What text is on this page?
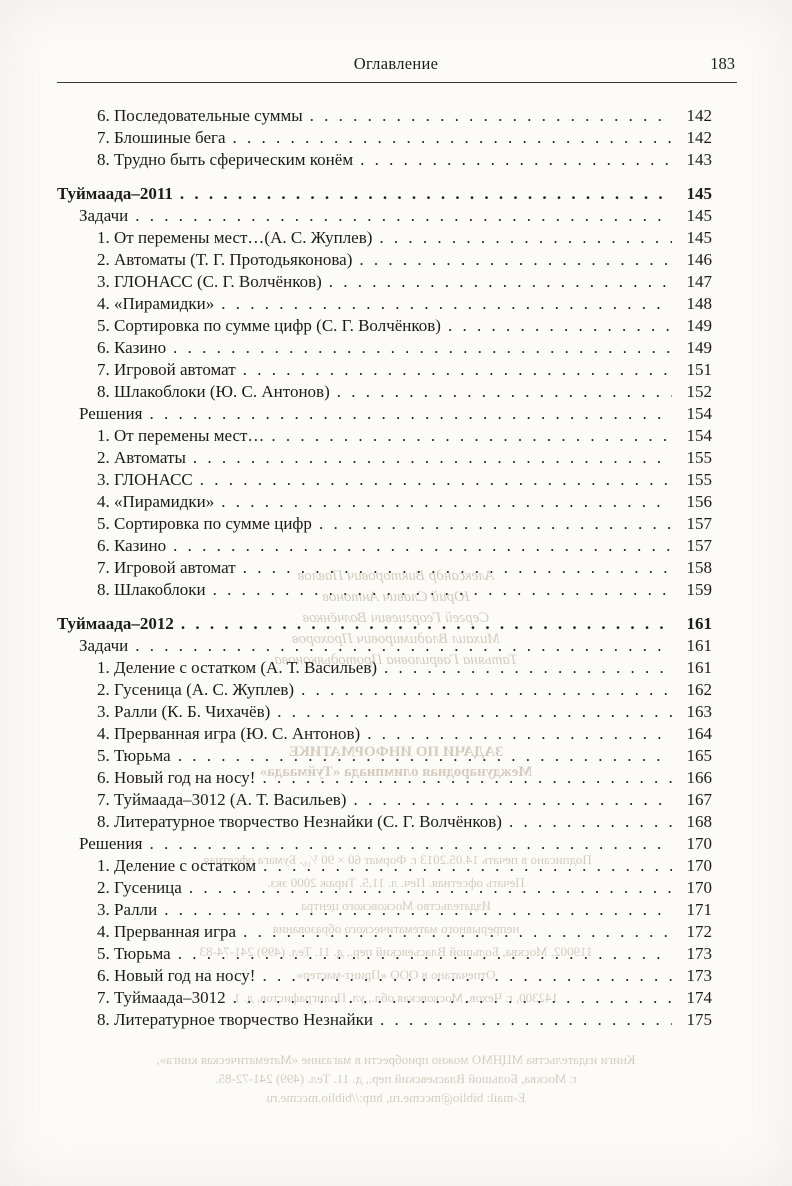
Оглавление	183
Александр Викторович Павлов
Юрий Славич Антонов
Сергей Георгиевич Волчёнков
Михаил Владимирович Прохоров
Татьяна Гавриловна Протодьяконова
ЗАДАЧИ ПО ИНФОРМАТИКЕ
Международная олимпиада «Туймаада»
Подписано в печать 14.05.2013 г. Формат 60 × 90 ¹⁄₁₆. Бумага офсетная.
Печать офсетная. Печ. л. 11,5. Тираж 2000 экз.
Издательство Московского центра
непрерывного математического образования
119002, Москва, Большой Власьевский пер., д. 11. Тел. (499) 241-74-83
Отпечатано в ООО «Принт-мастер»
142300, г. Чехов, Московская обл., ул. Полиграфистов, д. 1
Книги издательства МЦНМО можно приобрести в магазине «Математическая книга»,
г. Москва, Большой Власьевский пер., д. 11. Тел. (499) 241-72-85.
E-mail: biblio@mccme.ru, http://biblio.mccme.ru
6. Последовательные суммы . . .	142
7. Блошиные бега . . .	142
8. Трудно быть сферическим конём . . .	143
Туймаада–2011 . . .	145
Задачи . . .	145
1. От перемены мест…(А. С. Жуплев) . . .	145
2. Автоматы (Т. Г. Протодьяконова) . . .	146
3. ГЛОНАСС (С. Г. Волчёнков) . . .	147
4. «Пирамидки» . . .	148
5. Сортировка по сумме цифр (С. Г. Волчёнков) . . .	149
6. Казино . . .	149
7. Игровой автомат . . .	151
8. Шлакоблоки (Ю. С. Антонов) . . .	152
Решения . . .	154
1. От перемены мест… . . .	154
2. Автоматы . . .	155
3. ГЛОНАСС . . .	155
4. «Пирамидки» . . .	156
5. Сортировка по сумме цифр . . .	157
6. Казино . . .	157
7. Игровой автомат . . .	158
8. Шлакоблоки . . .	159
Туймаада–2012 . . .	161
Задачи . . .	161
1. Деление с остатком (А. Т. Васильев) . . .	161
2. Гусеница (А. С. Жуплев) . . .	162
3. Ралли (К. Б. Чихачёв) . . .	163
4. Прерванная игра (Ю. С. Антонов) . . .	164
5. Тюрьма . . .	165
6. Новый год на носу! . . .	166
7. Туймаада–3012 (А. Т. Васильев) . . .	167
8. Литературное творчество Незнайки (С. Г. Волчёнков) . . .	168
Решения . . .	170
1. Деление с остатком . . .	170
2. Гусеница . . .	170
3. Ралли . . .	171
4. Прерванная игра . . .	172
5. Тюрьма . . .	173
6. Новый год на носу! . . .	173
7. Туймаада–3012 . . .	174
8. Литературное творчество Незнайки . . .	175
